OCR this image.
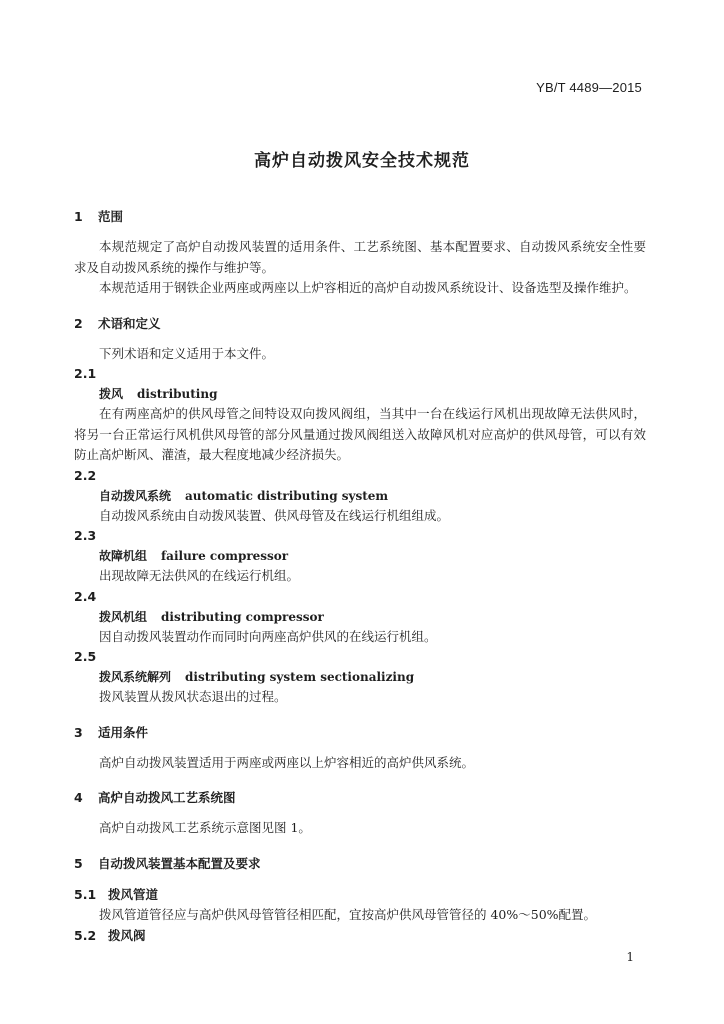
YB/T 4489—2015
高炉自动拨风安全技术规范
1 范围

本规范规定了高炉自动拨风装置的适用条件、工艺系统图、基本配置要求、自动拨风系统安全性要求及自动拨风系统的操作与维护等。

本规范适用于钢铁企业两座或两座以上炉容相近的高炉自动拨风系统设计、设备选型及操作维护。

2 术语和定义

下列术语和定义适用于本文件。

2.1
拨风 distributing

在有两座高炉的供风母管之间特设双向拨风阀组，当其中一台在线运行风机出现故障无法供风时，将另一台正常运行风机供风母管的部分风量通过拨风阀组送入故障风机对应高炉的供风母管，可以有效防止高炉断风、灌渣，最大程度地减少经济损失。

2.2
自动拨风系统 automatic distributing system

自动拨风系统由自动拨风装置、供风母管及在线运行机组组成。

2.3
故障机组 failure compressor

出现故障无法供风的在线运行机组。

2.4
拨风机组 distributing compressor

因自动拨风装置动作而同时向两座高炉供风的在线运行机组。

2.5
拨风系统解列 distributing system sectionalizing

拨风装置从拨风状态退出的过程。

3 适用条件

高炉自动拨风装置适用于两座或两座以上炉容相近的高炉供风系统。

4 高炉自动拨风工艺系统图

高炉自动拨风工艺系统示意图见图 1。

5 自动拨风装置基本配置及要求
5.1 拨风管道

拨风管道管径应与高炉供风母管管径相匹配，宜按高炉供风母管管径的 40%～50%配置。

5.2 拨风阀
1
